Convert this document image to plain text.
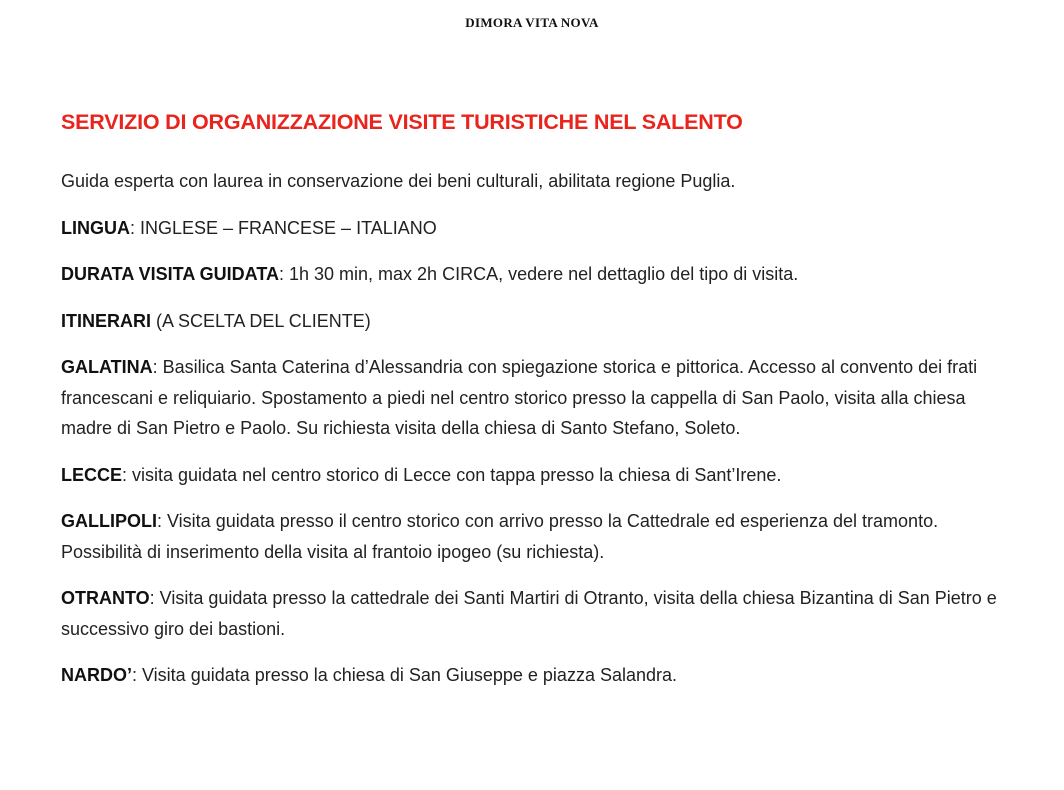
DIMORA VITA NOVA
SERVIZIO DI ORGANIZZAZIONE VISITE TURISTICHE NEL SALENTO

Guida esperta con laurea in conservazione dei beni culturali, abilitata regione Puglia.

LINGUA: INGLESE – FRANCESE – ITALIANO

DURATA VISITA GUIDATA: 1h 30 min, max 2h CIRCA, vedere nel dettaglio del tipo di visita.

ITINERARI (A SCELTA DEL CLIENTE)

GALATINA: Basilica Santa Caterina d’Alessandria con spiegazione storica e pittorica. Accesso al convento dei frati francescani e reliquiario. Spostamento a piedi nel centro storico presso la cappella di San Paolo, visita alla chiesa madre di San Pietro e Paolo. Su richiesta visita della chiesa di Santo Stefano, Soleto.

LECCE: visita guidata nel centro storico di Lecce con tappa presso la chiesa di Sant’Irene.

GALLIPOLI: Visita guidata presso il centro storico con arrivo presso la Cattedrale ed esperienza del tramonto. Possibilità di inserimento della visita al frantoio ipogeo (su richiesta).

OTRANTO: Visita guidata presso la cattedrale dei Santi Martiri di Otranto, visita della chiesa Bizantina di San Pietro e successivo giro dei bastioni.

NARDO’: Visita guidata presso la chiesa di San Giuseppe e piazza Salandra.
